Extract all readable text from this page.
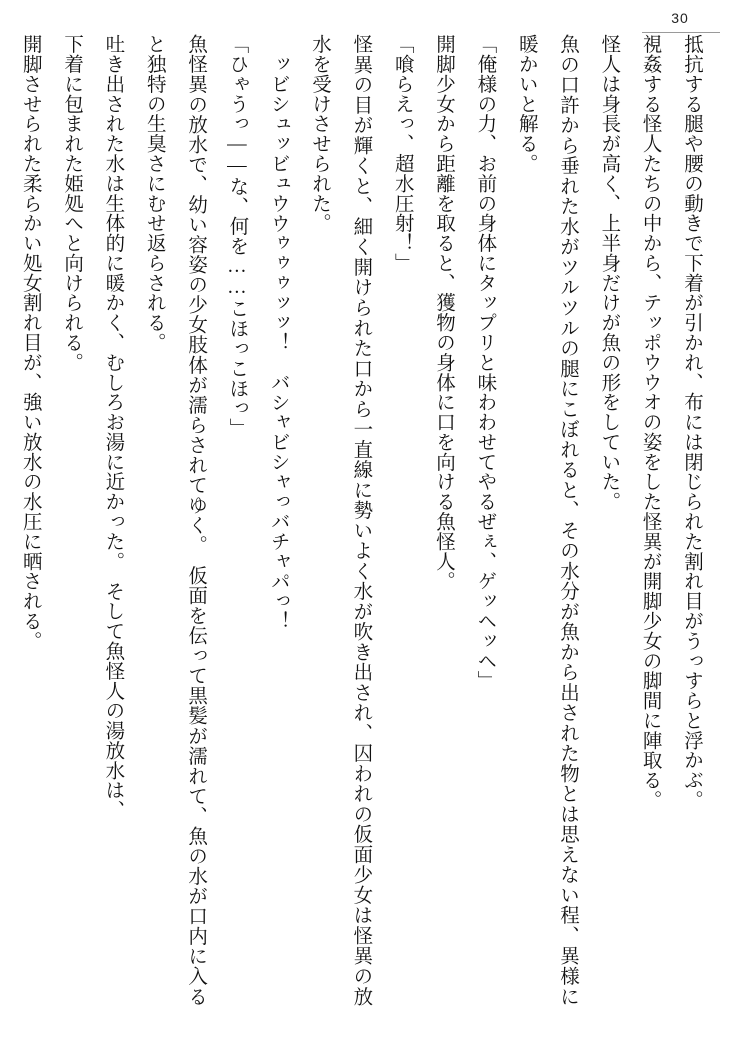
30

抵抗する腿や腰の動きで下着が引かれ、布には閉じられた割れ目がうっすらと浮かぶ。

視姦する怪人たちの中から、テッポウウオの姿をした怪異が開脚少女の脚間に陣取る。

怪人は身長が高く、上半身だけが魚の形をしていた。

魚の口許から垂れた水がツルツルの腿にこぼれると、その水分が魚から出された物とは思えない程、異様に暖かいと解る。

「俺様の力、お前の身体にタップリと味わわせてやるぜぇ、ゲッヘッヘ」

開脚少女から距離を取ると、獲物の身体に口を向ける魚怪人。

「喰らえっ、超水圧射！」

怪異の目が輝くと、細く開けられた口から一直線に勢いよく水が吹き出され、囚われの仮面少女は怪異の放水を受けさせられた。

ッビシュッビュウウゥゥゥッッ！　バシャビシャっバチャパっ！

「ひゃうっ——な、何を……こほっこほっ」

魚怪異の放水で、幼い容姿の少女肢体が濡らされてゆく。　仮面を伝って黒髪が濡れて、魚の水が口内に入ると独特の生臭さにむせ返らされる。

吐き出された水は生体的に暖かく、むしろお湯に近かった。　そして魚怪人の湯放水は、

下着に包まれた姫処へと向けられる。

開脚させられた柔らかい処女割れ目が、強い放水の水圧に晒される。
